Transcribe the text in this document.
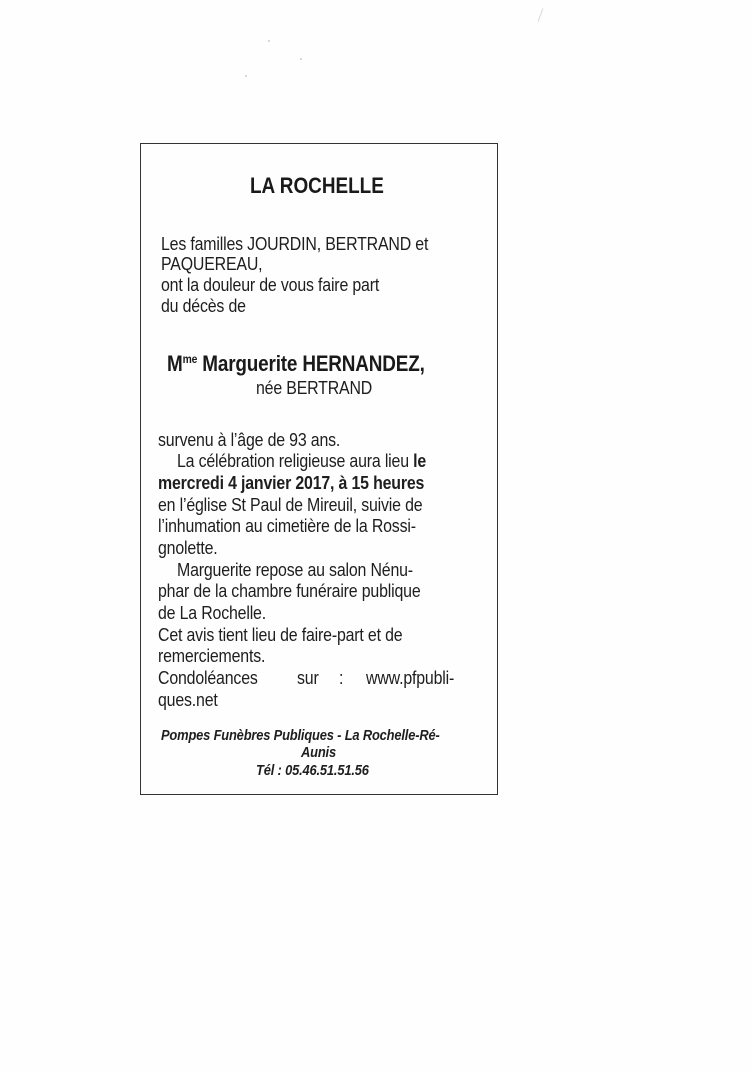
LA ROCHELLE
Les familles JOURDIN, BERTRAND et
PAQUEREAU,
ont la douleur de vous faire part
du décès de
$M^{me}$ Marguerite HERNANDEZ,
née BERTRAND
survenu à l’âge de 93 ans.
La célébration religieuse aura lieu le
mercredi 4 janvier 2017, à 15 heures
en l’église St Paul de Mireuil, suivie de
l’inhumation au cimetière de la Rossi-
gnolette.
Marguerite repose au salon Nénu-
phar de la chambre funéraire publique
de La Rochelle.
Cet avis tient lieu de faire-part et de
remerciements.
Condoléances sur : www.pfpubli-
ques.net
Pompes Funèbres Publiques - La Rochelle-Ré-
Aunis
Tél : 05.46.51.51.56
